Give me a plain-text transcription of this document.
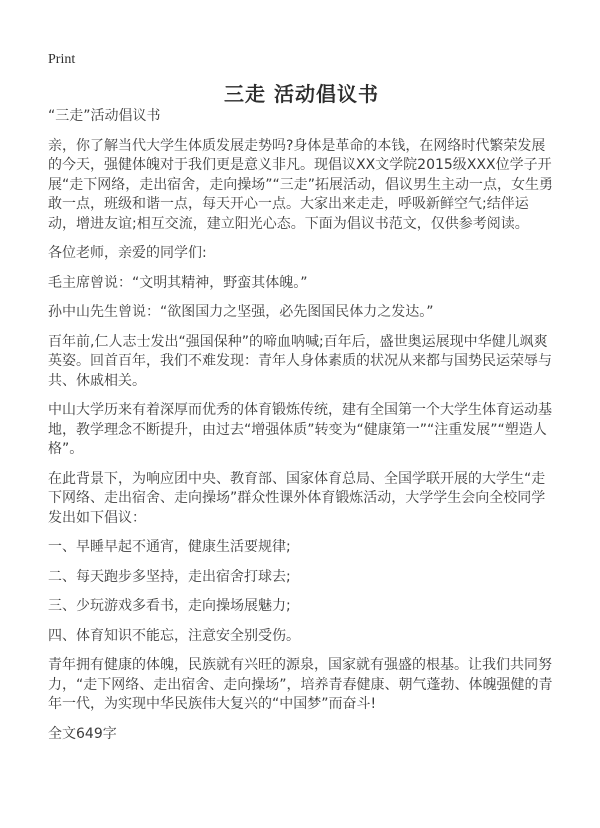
Print
三走 活动倡议书

“三走”活动倡议书

亲，你了解当代大学生体质发展走势吗?身体是革命的本钱，在网络时代繁荣发展的今天，强健体魄对于我们更是意义非凡。现倡议XX文学院2015级XXX位学子开展“走下网络，走出宿舍，走向操场”“三走”拓展活动，倡议男生主动一点，女生勇敢一点，班级和谐一点，每天开心一点。大家出来走走，呼吸新鲜空气;结伴运动，增进友谊;相互交流，建立阳光心态。下面为倡议书范文，仅供参考阅读。

各位老师，亲爱的同学们:

毛主席曾说：“文明其精神，野蛮其体魄。”

孙中山先生曾说：“欲图国力之坚强，必先图国民体力之发达。”

百年前,仁人志士发出“强国保种”的啼血呐喊;百年后，盛世奥运展现中华健儿飒爽英姿。回首百年，我们不难发现：青年人身体素质的状况从来都与国势民运荣辱与共、休戚相关。

中山大学历来有着深厚而优秀的体育锻炼传统，建有全国第一个大学生体育运动基地，教学理念不断提升，由过去“增强体质”转变为“健康第一”“注重发展”“塑造人格”。

在此背景下，为响应团中央、教育部、国家体育总局、全国学联开展的大学生“走下网络、走出宿舍、走向操场”群众性课外体育锻炼活动，大学学生会向全校同学发出如下倡议：

一、早睡早起不通宵，健康生活要规律;

二、每天跑步多坚持，走出宿舍打球去;

三、少玩游戏多看书，走向操场展魅力;

四、体育知识不能忘，注意安全别受伤。

青年拥有健康的体魄，民族就有兴旺的源泉，国家就有强盛的根基。让我们共同努力，“走下网络、走出宿舍、走向操场”，培养青春健康、朝气蓬勃、体魄强健的青年一代，为实现中华民族伟大复兴的“中国梦”而奋斗!

全文649字
